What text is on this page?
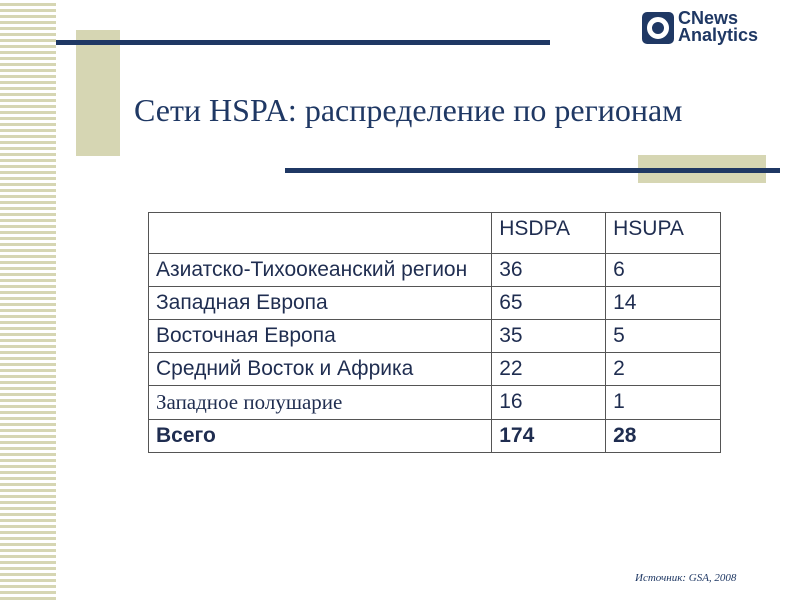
CNews
Analytics
Сети HSPA: распределение по регионам
	HSDPA	HSUPA
Азиатско-Тихоокеанский регион	36	6
Западная Европа	65	14
Восточная Европа	35	5
Средний Восток и Африка	22	2
Западное полушарие	16	1
Всего	174	28
Источник: GSA, 2008
